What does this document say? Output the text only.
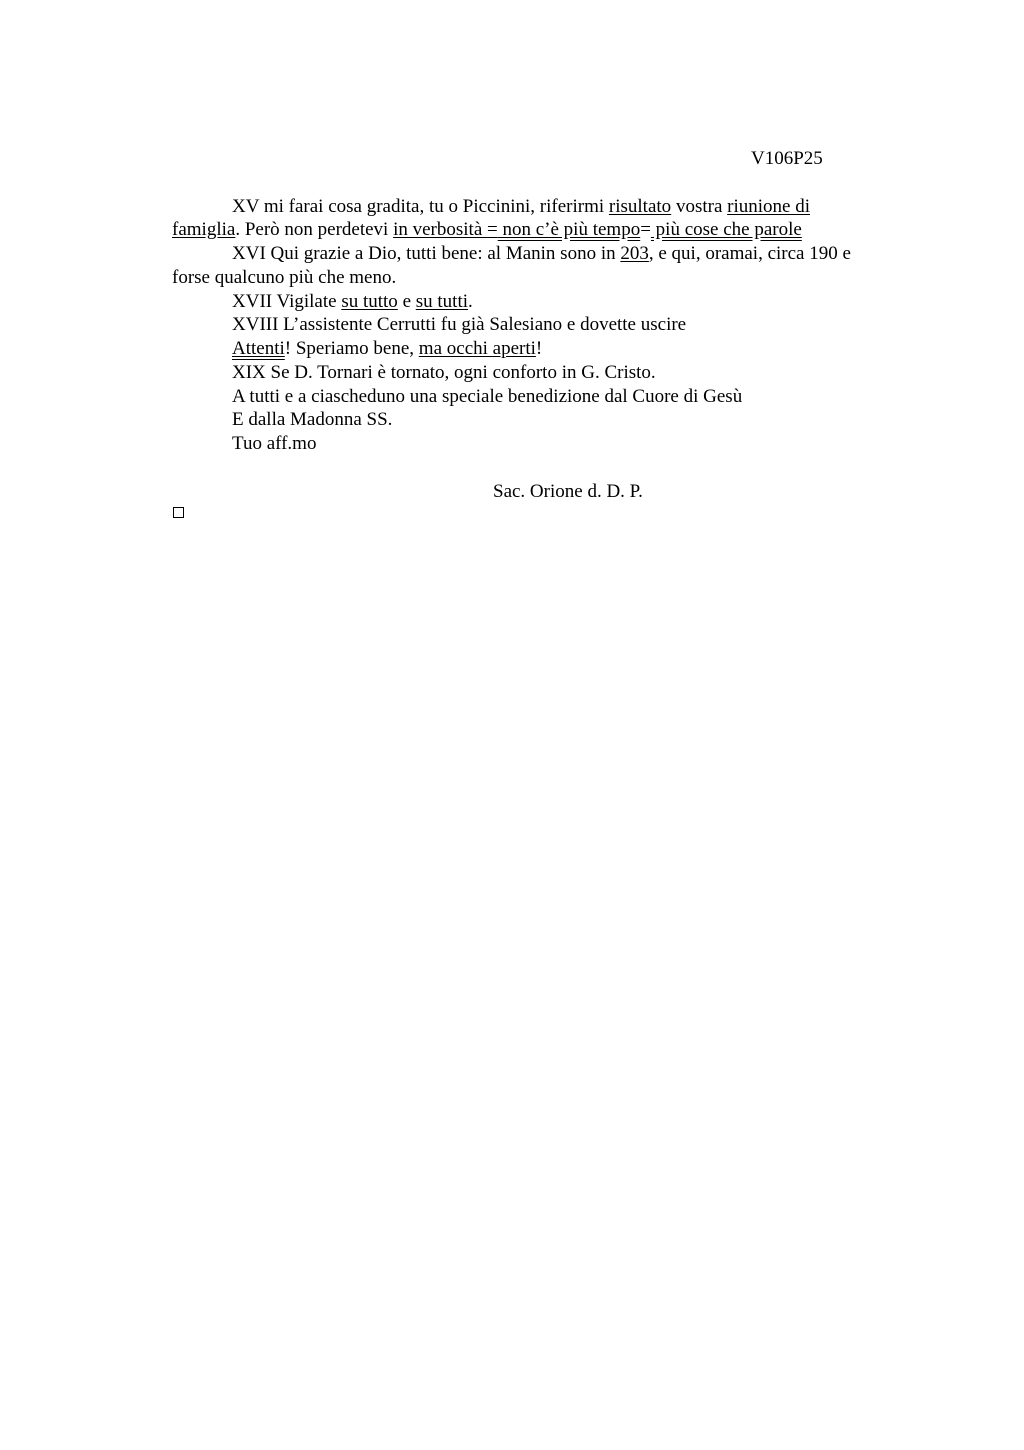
V106P25
XV mi farai cosa gradita, tu o Piccinini, riferirmi risultato vostra riunione di
famiglia. Però non perdetevi in verbosità = non c’è più tempo= più cose che parole
XVI Qui grazie a Dio, tutti bene: al Manin sono in 203, e qui, oramai, circa 190 e
forse qualcuno più che meno.
XVII Vigilate su tutto e su tutti.
XVIII L’assistente Cerrutti fu già Salesiano e dovette uscire
Attenti! Speriamo bene, ma occhi aperti!
XIX Se D. Tornari è tornato, ogni conforto in G. Cristo.
A tutti e a ciascheduno una speciale benedizione dal Cuore di Gesù
E dalla Madonna SS.
Tuo aff.mo
Sac. Orione d. D. P.
